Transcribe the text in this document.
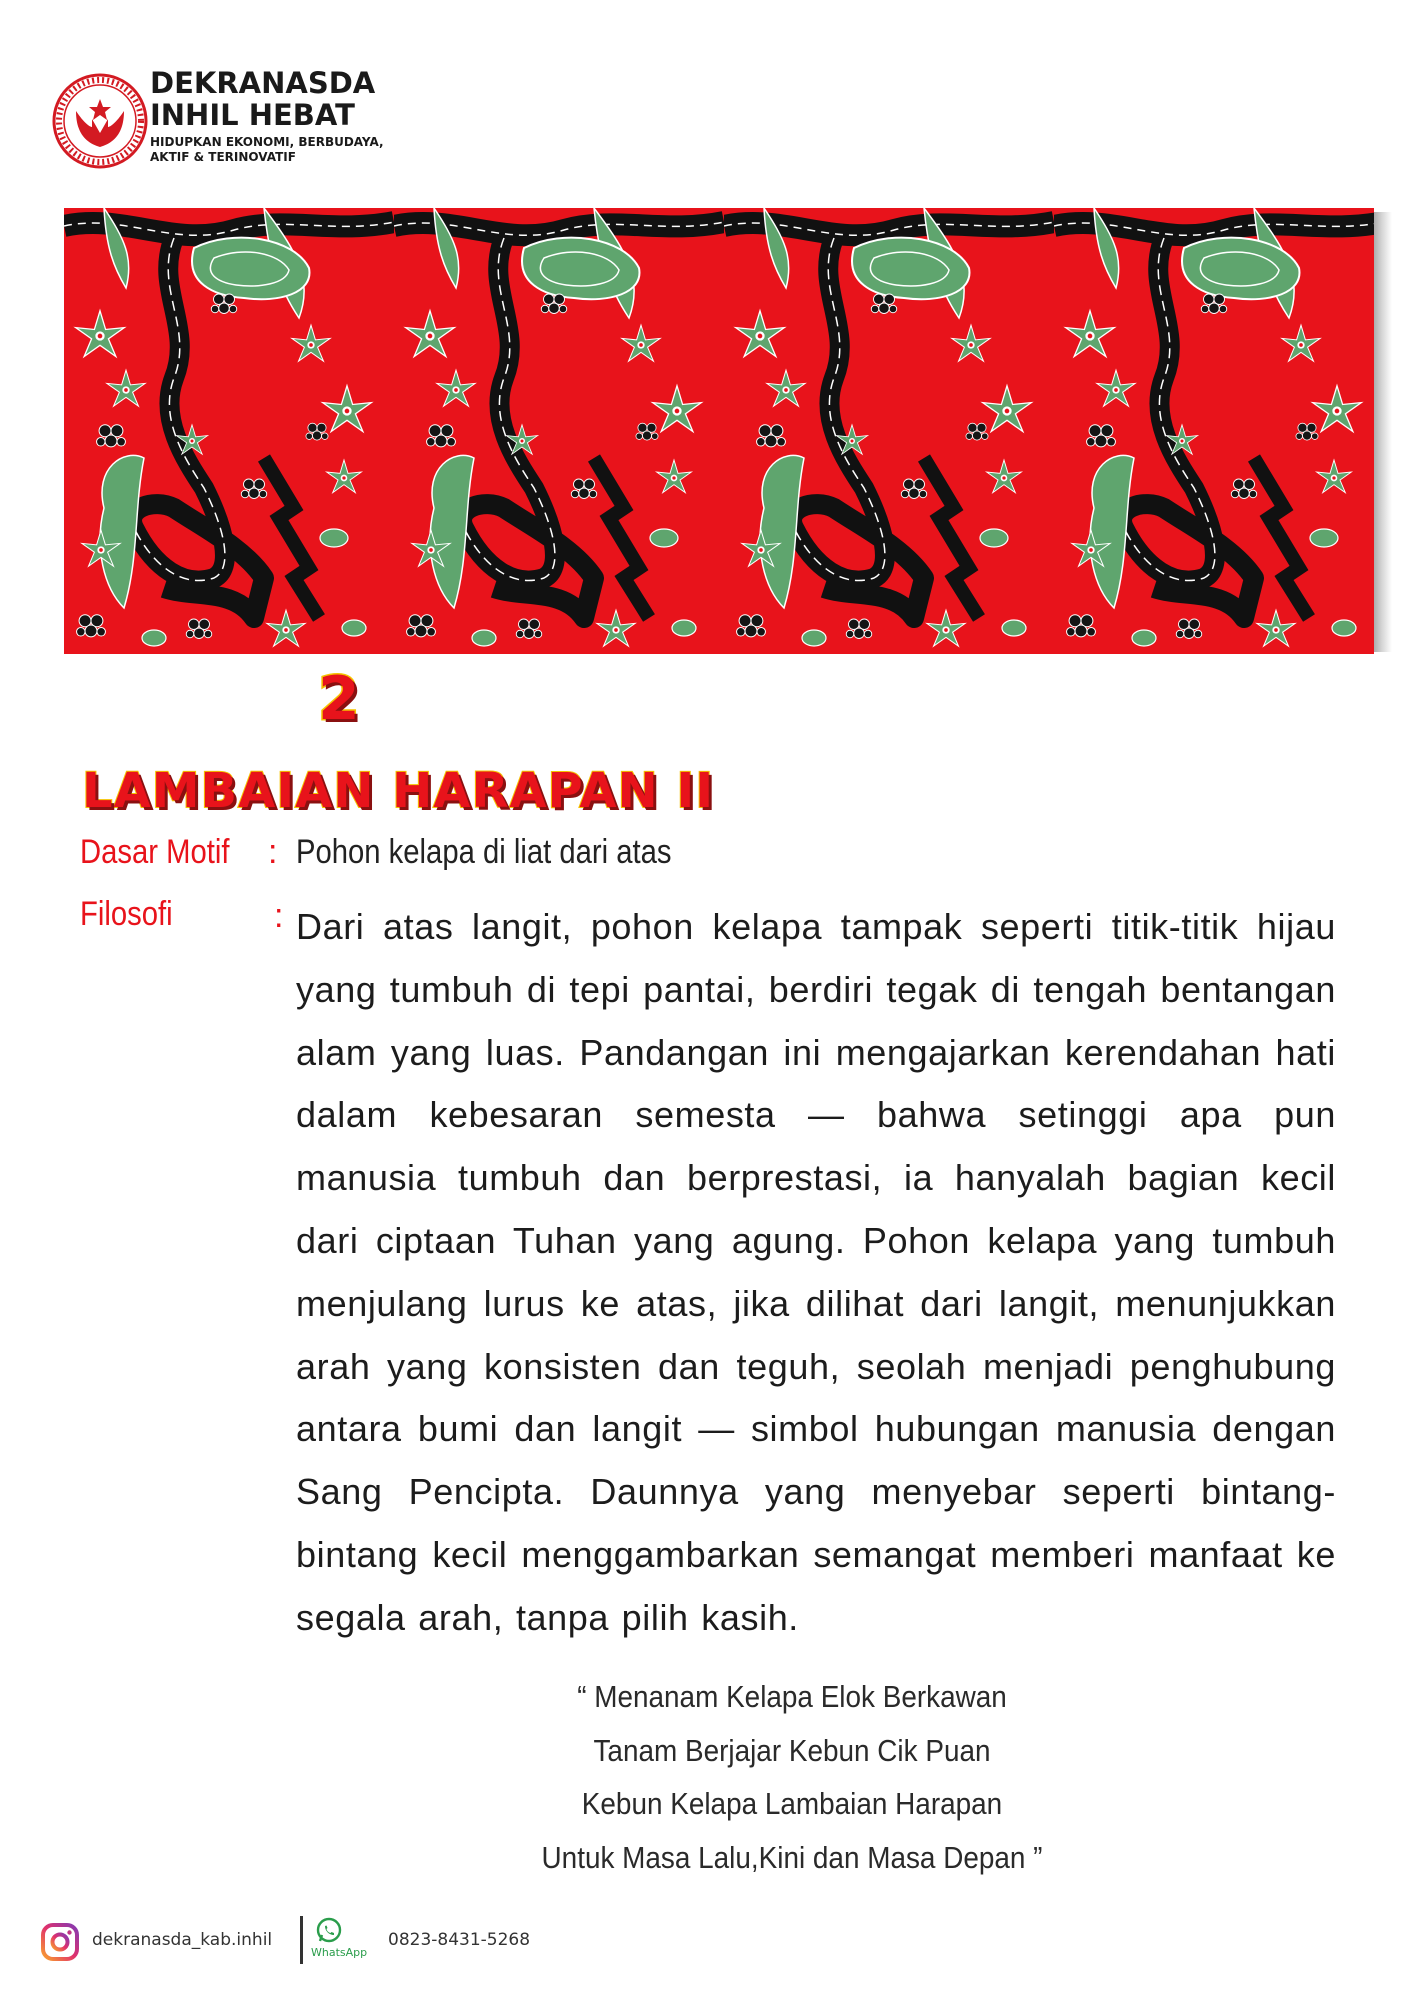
DEKRANASDA
INHIL HEBAT
HIDUPKAN EKONOMI, BERBUDAYA, AKTIF & TERINOVATIF
2
LAMBAIAN HARAPAN II
Dasar Motif : Pohon kelapa di liat dari atas
Filosofi	: Dari atas langit, pohon kelapa tampak seperti titik-titik hijau yang tumbuh di tepi pantai, berdiri tegak di tengah bentangan alam yang luas. Pandangan ini mengajarkan kerendahan hati dalam kebesaran semesta — bahwa setinggi apa pun manusia tumbuh dan berprestasi, ia hanyalah bagian kecil dari ciptaan Tuhan yang agung. Pohon kelapa yang tumbuh menjulang lurus ke atas, jika dilihat dari langit, menunjukkan arah yang konsisten dan teguh, seolah menjadi penghubung antara bumi dan langit — simbol hubungan manusia dengan Sang Pencipta. Daunnya yang menyebar seperti bintang-bintang kecil menggambarkan semangat memberi manfaat ke segala arah, tanpa pilih kasih.
“ Menanam Kelapa Elok Berkawan
Tanam Berjajar Kebun Cik Puan
Kebun Kelapa Lambaian Harapan
Untuk Masa Lalu,Kini dan Masa Depan ”
dekranasda_kab.inhil
WhatsApp
0823-8431-5268
